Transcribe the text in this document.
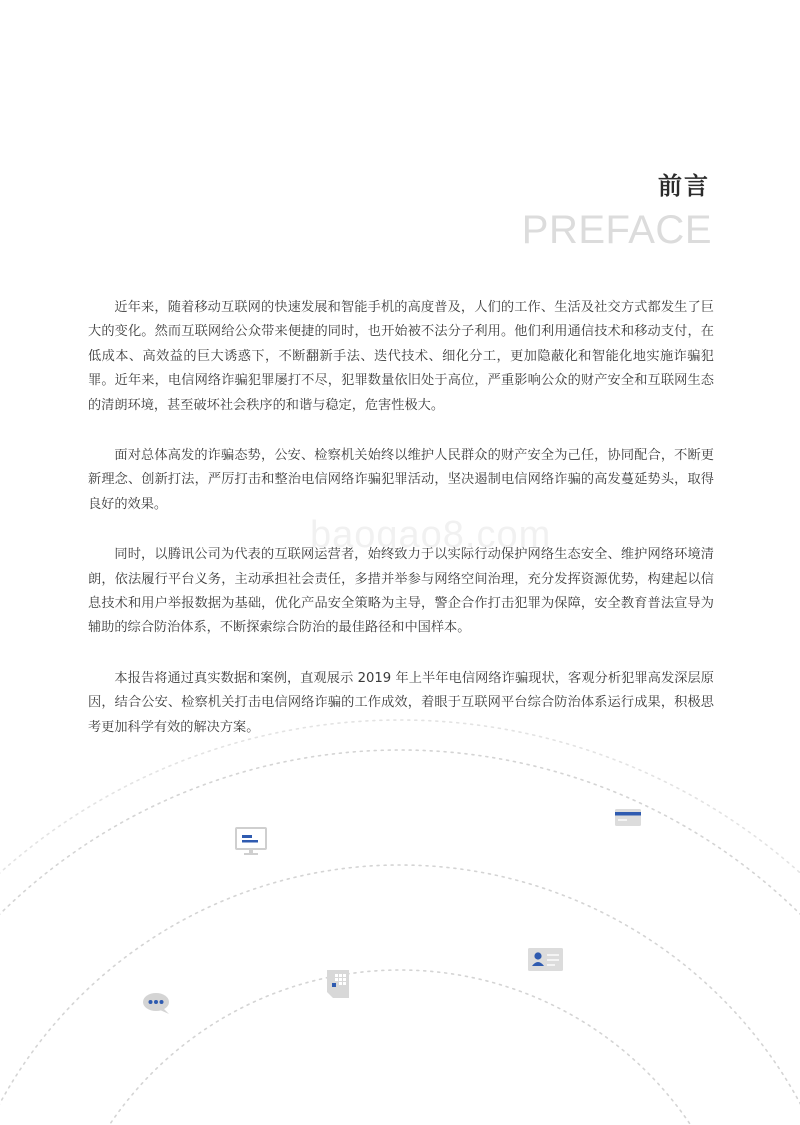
baogao8.com
前言
PREFACE

近年来，随着移动互联网的快速发展和智能手机的高度普及，人们的工作、生活及社交方式都发生了巨大的变化。然而互联网给公众带来便捷的同时，也开始被不法分子利用。他们利用通信技术和移动支付，在低成本、高效益的巨大诱惑下，不断翻新手法、迭代技术、细化分工，更加隐蔽化和智能化地实施诈骗犯罪。近年来，电信网络诈骗犯罪屡打不尽，犯罪数量依旧处于高位，严重影响公众的财产安全和互联网生态的清朗环境，甚至破坏社会秩序的和谐与稳定，危害性极大。

面对总体高发的诈骗态势，公安、检察机关始终以维护人民群众的财产安全为己任，协同配合，不断更新理念、创新打法，严厉打击和整治电信网络诈骗犯罪活动，坚决遏制电信网络诈骗的高发蔓延势头，取得良好的效果。

同时，以腾讯公司为代表的互联网运营者，始终致力于以实际行动保护网络生态安全、维护网络环境清朗，依法履行平台义务，主动承担社会责任，多措并举参与网络空间治理，充分发挥资源优势，构建起以信息技术和用户举报数据为基础，优化产品安全策略为主导，警企合作打击犯罪为保障，安全教育普法宣导为辅助的综合防治体系，不断探索综合防治的最佳路径和中国样本。

本报告将通过真实数据和案例，直观展示 2019 年上半年电信网络诈骗现状，客观分析犯罪高发深层原因，结合公安、检察机关打击电信网络诈骗的工作成效，着眼于互联网平台综合防治体系运行成果，积极思考更加科学有效的解决方案。
